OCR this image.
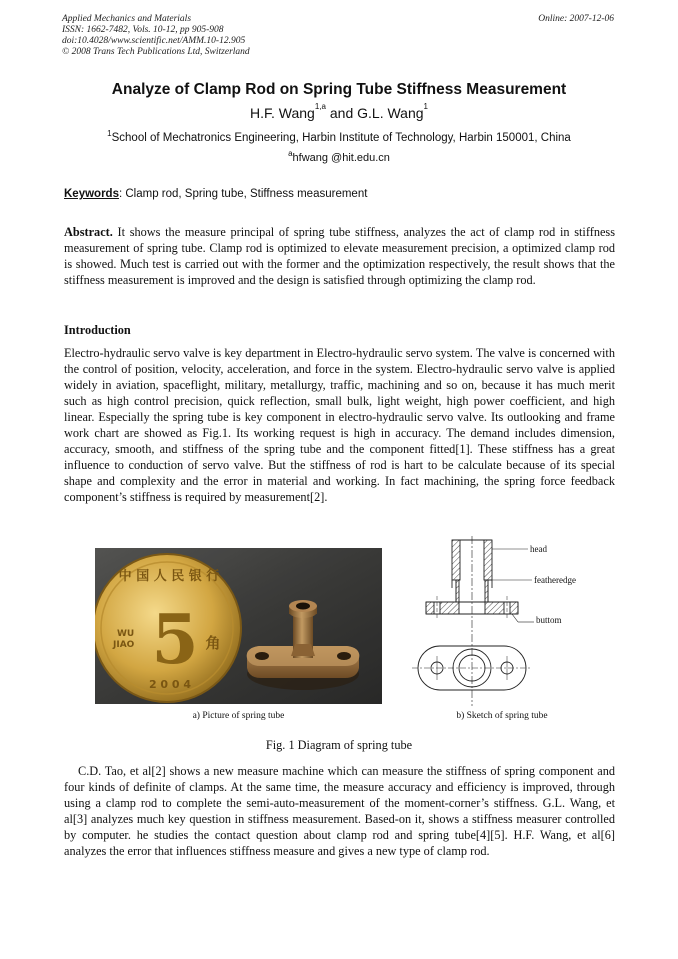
Applied Mechanics and Materials
ISSN: 1662-7482, Vols. 10-12, pp 905-908
doi:10.4028/www.scientific.net/AMM.10-12.905
© 2008 Trans Tech Publications Ltd, Switzerland
Online: 2007-12-06
Analyze of Clamp Rod on Spring Tube Stiffness Measurement
H.F. Wang$^{1,a}$ and G.L. Wang$^1$
$^1$School of Mechatronics Engineering, Harbin Institute of Technology, Harbin 150001, China
$^a$hfwang @hit.edu.cn
Keywords: Clamp rod, Spring tube, Stiffness measurement

Abstract. It shows the measure principal of spring tube stiffness, analyzes the act of clamp rod in stiffness measurement of spring tube. Clamp rod is optimized to elevate measurement precision, a optimized clamp rod is showed. Much test is carried out with the former and the optimization respectively, the result shows that the stiffness measurement is improved and the design is satisfied through optimizing the clamp rod.

Introduction

Electro-hydraulic servo valve is key department in Electro-hydraulic servo system. The valve is concerned with the control of position, velocity, acceleration, and force in the system. Electro-hydraulic servo valve is applied widely in aviation, spaceflight, military, metallurgy, traffic, machining and so on, because it has much merit such as high control precision, quick reflection, small bulk, light weight, high power coefficient, and high linear. Especially the spring tube is key component in electro-hydraulic servo valve. Its outlooking and frame work chart are showed as Fig.1. Its working request is high in accuracy. The demand includes dimension, accuracy, smooth, and stiffness of the spring tube and the component fitted[1]. These stiffness has a great influence to conduction of servo valve. But the stiffness of rod is hart to be calculate because of its special shape and complexity and the error in material and working. In fact machining, the spring force feedback component’s stiffness is required by measurement[2].

中 国 人 民 银 行
5
WU
JIAO	角
2 0 0 4
a) Picture of spring tube
head
featheredge
buttom
b) Sketch of spring tube
Fig. 1 Diagram of spring tube

C.D. Tao, et al[2] shows a new measure machine which can measure the stiffness of spring component and four kinds of definite of clamps. At the same time, the measure accuracy and efficiency is improved, through using a clamp rod to complete the semi-auto-measurement of the moment-corner’s stiffness. G.L. Wang, et al[3] analyzes much key question in stiffness measurement. Based-on it, shows a stiffness measurer controlled by computer. he studies the contact question about clamp rod and spring tube[4][5]. H.F. Wang, et al[6] analyzes the error that influences stiffness measure and gives a new type of clamp rod.
